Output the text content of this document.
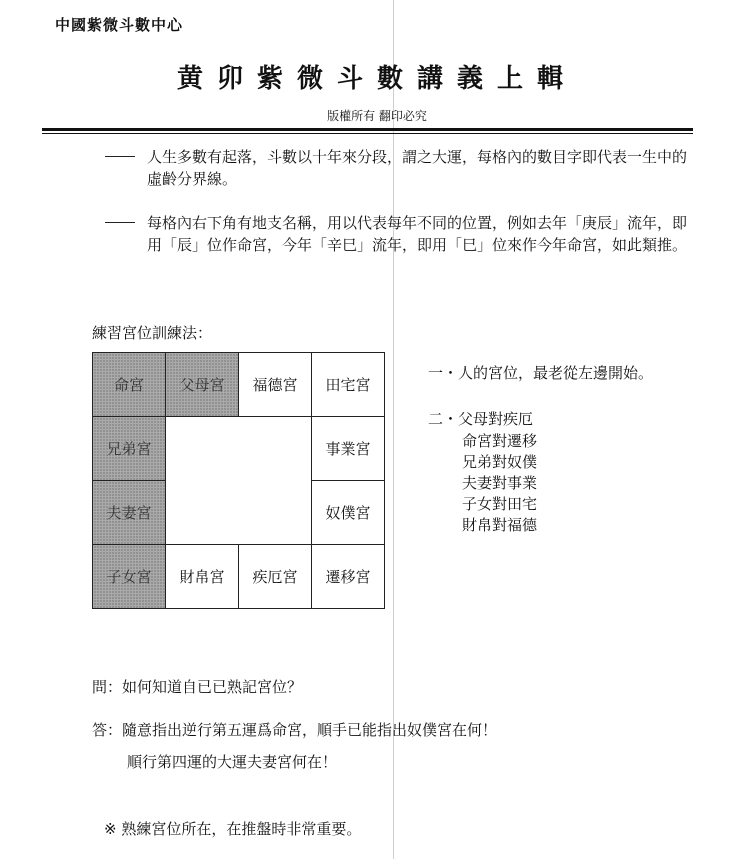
中國紫微斗數中心
黄卯紫微斗數講義上輯
版權所有 翻印必究
人生多數有起落，斗數以十年來分段，謂之大運，每格內的數目字即代表一生中的虛齡分界線。
每格內右下角有地支名稱，用以代表每年不同的位置，例如去年「庚辰」流年，即用「辰」位作命宮，今年「辛巳」流年，即用「巳」位來作今年命宮，如此類推。
練習宮位訓練法：
命宮	父母宮	福德宮	田宅宮
兄弟宮			事業宮
夫妻宮			奴僕宮
子女宮	財帛宮	疾厄宮	遷移宮
一・人的宮位，最老從左邊開始。
二・父母對疾厄
命宮對遷移
兄弟對奴僕
夫妻對事業
子女對田宅
財帛對福德
問：如何知道自已已熟記宮位？
答：隨意指出逆行第五運爲命宮，順手已能指出奴僕宮在何！
順行第四運的大運夫妻宮何在！
※ 熟練宮位所在，在推盤時非常重要。
